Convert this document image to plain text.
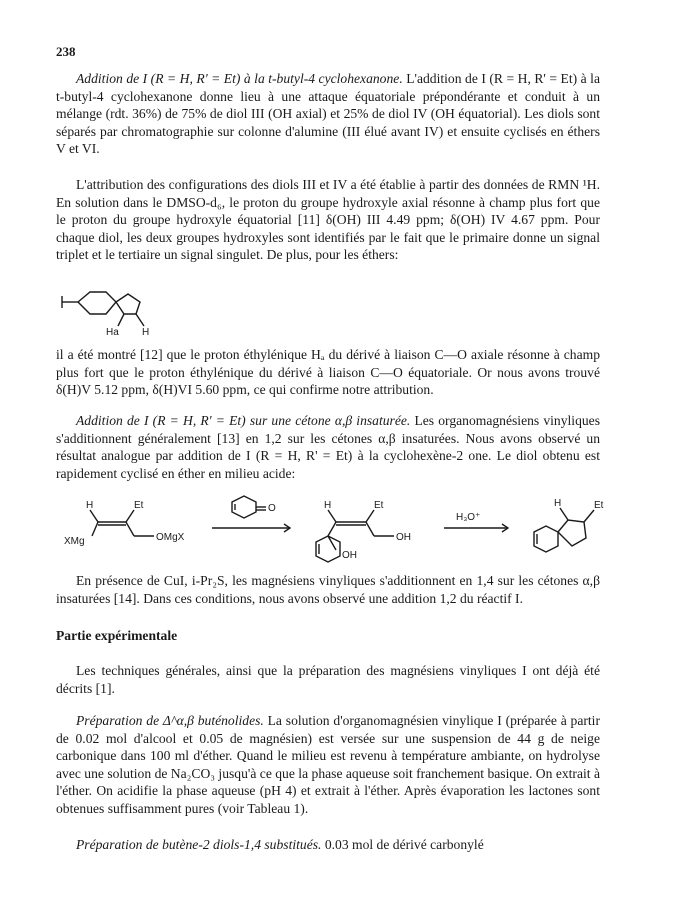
238

Addition de I (R = H, R' = Et) à la t-butyl-4 cyclohexanone. L'addition de I (R = H, R' = Et) à la t-butyl-4 cyclohexanone donne lieu à une attaque équatoriale prépondérante et conduit à un mélange (rdt. 36%) de 75% de diol III (OH axial) et 25% de diol IV (OH équatorial). Les diols sont séparés par chromatographie sur colonne d'alumine (III élué avant IV) et ensuite cyclisés en éthers V et VI.

L'attribution des configurations des diols III et IV a été établie à partir des données de RMN ¹H. En solution dans le DMSO-d₆, le proton du groupe hydroxyle axial résonne à champ plus fort que le proton du groupe hydroxyle équatorial [11] δ(OH) III 4.49 ppm; δ(OH) IV 4.67 ppm. Pour chaque diol, les deux groupes hydroxyles sont identifiés par le fait que le primaire donne un signal triplet et le tertiaire un signal singulet. De plus, pour les éthers:

Ha H

il a été montré [12] que le proton éthylénique Hₐ du dérivé à liaison C—O axiale résonne à champ plus fort que le proton éthylénique du dérivé à liaison C—O équatoriale. Or nous avons trouvé δ(H)V 5.12 ppm, δ(H)VI 5.60 ppm, ce qui confirme notre attribution.

Addition de I (R = H, R' = Et) sur une cétone α,β insaturée. Les organomagnésiens vinyliques s'additionnent généralement [13] en 1,2 sur les cétones α,β insaturées. Nous avons observé un résultat analogue par addition de I (R = H, R' = Et) à la cyclohexène-2 one. Le diol obtenu est rapidement cyclisé en éther en milieu acide:

H	Et
XMg	OMgX
O	H	Et
OH
OH
H₃O⁺
H	Et

En présence de CuI, i-Pr₂S, les magnésiens vinyliques s'additionnent en 1,4 sur les cétones α,β insaturées [14]. Dans ces conditions, nous avons observé une addition 1,2 du réactif I.

Partie expérimentale

Les techniques générales, ainsi que la préparation des magnésiens vinyliques I ont déjà été décrits [1].

Préparation de Δ^α,β buténolides. La solution d'organomagnésien vinylique I (préparée à partir de 0.02 mol d'alcool et 0.05 de magnésien) est versée sur une suspension de 44 g de neige carbonique dans 100 ml d'éther. Quand le milieu est revenu à température ambiante, on hydrolyse avec une solution de Na₂CO₃ jusqu'à ce que la phase aqueuse soit franchement basique. On extrait à l'éther. On acidifie la phase aqueuse (pH 4) et extrait à l'éther. Après évaporation les lactones sont obtenues suffisamment pures (voir Tableau 1).

Préparation de butène-2 diols-1,4 substitués. 0.03 mol de dérivé carbonylé
